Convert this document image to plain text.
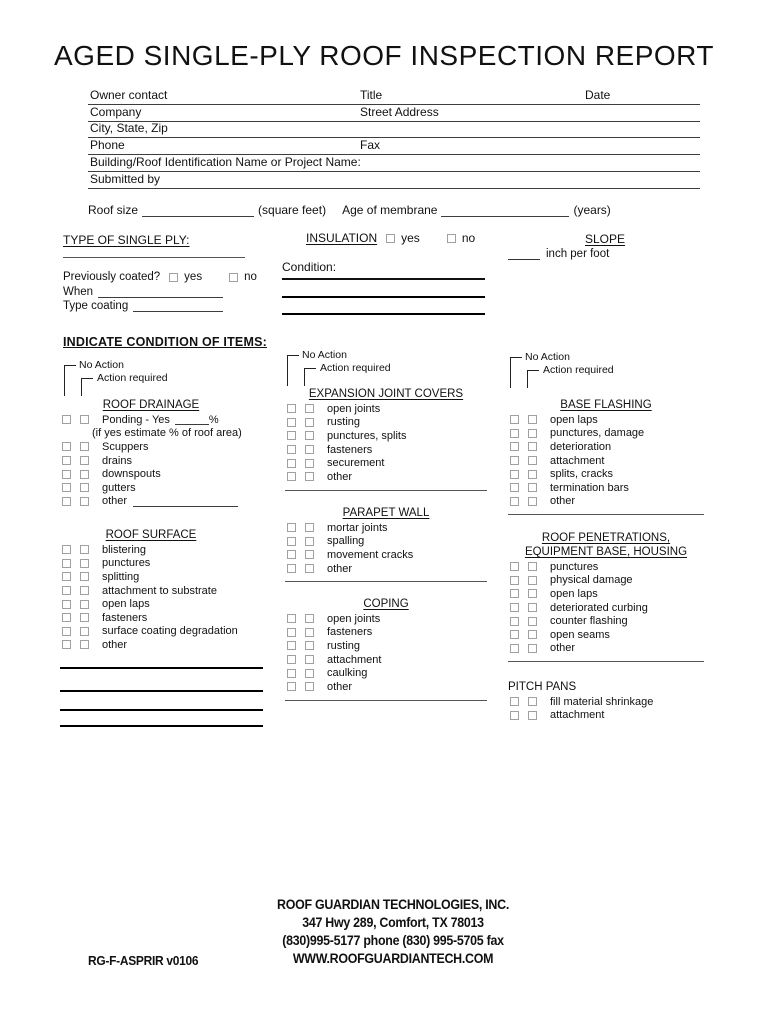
AGED SINGLE-PLY ROOF INSPECTION REPORT
Owner contact	Title	Date
Company	Street Address
City, State, Zip
Phone	Fax
Building/Roof Identification Name or Project Name:
Submitted by
Roof size	(square feet) Age of membrane	(years)
TYPE OF SINGLE PLY:
Previously coated? yes	no
When
Type coating
INSULATION yes	no
Condition:
SLOPE
inch per foot
INDICATE CONDITION OF ITEMS:
No Action
Action required
No Action
Action required
No Action
Action required
ROOF DRAINAGE
Ponding - Yes	%
(if yes estimate % of roof area)
Scuppers
drains
downspouts
gutters
other
ROOF SURFACE
blistering
punctures
splitting
attachment to substrate
open laps
fasteners
surface coating degradation
other
EXPANSION JOINT COVERS
open joints
rusting
punctures, splits
fasteners
securement
other
PARAPET WALL
mortar joints
spalling
movement cracks
other
COPING
open joints
fasteners
rusting
attachment
caulking
other
BASE FLASHING
open laps
punctures, damage
deterioration
attachment
splits, cracks
termination bars
other
ROOF PENETRATIONS,
EQUIPMENT BASE, HOUSING
punctures
physical damage
open laps
deteriorated curbing
counter flashing
open seams
other
PITCH PANS
fill material shrinkage
attachment
ROOF GUARDIAN TECHNOLOGIES, INC.
347 Hwy 289, Comfort, TX 78013
(830)995-5177 phone (830) 995-5705 fax
WWW.ROOFGUARDIANTECH.COM
RG-F-ASPRIR v0106
